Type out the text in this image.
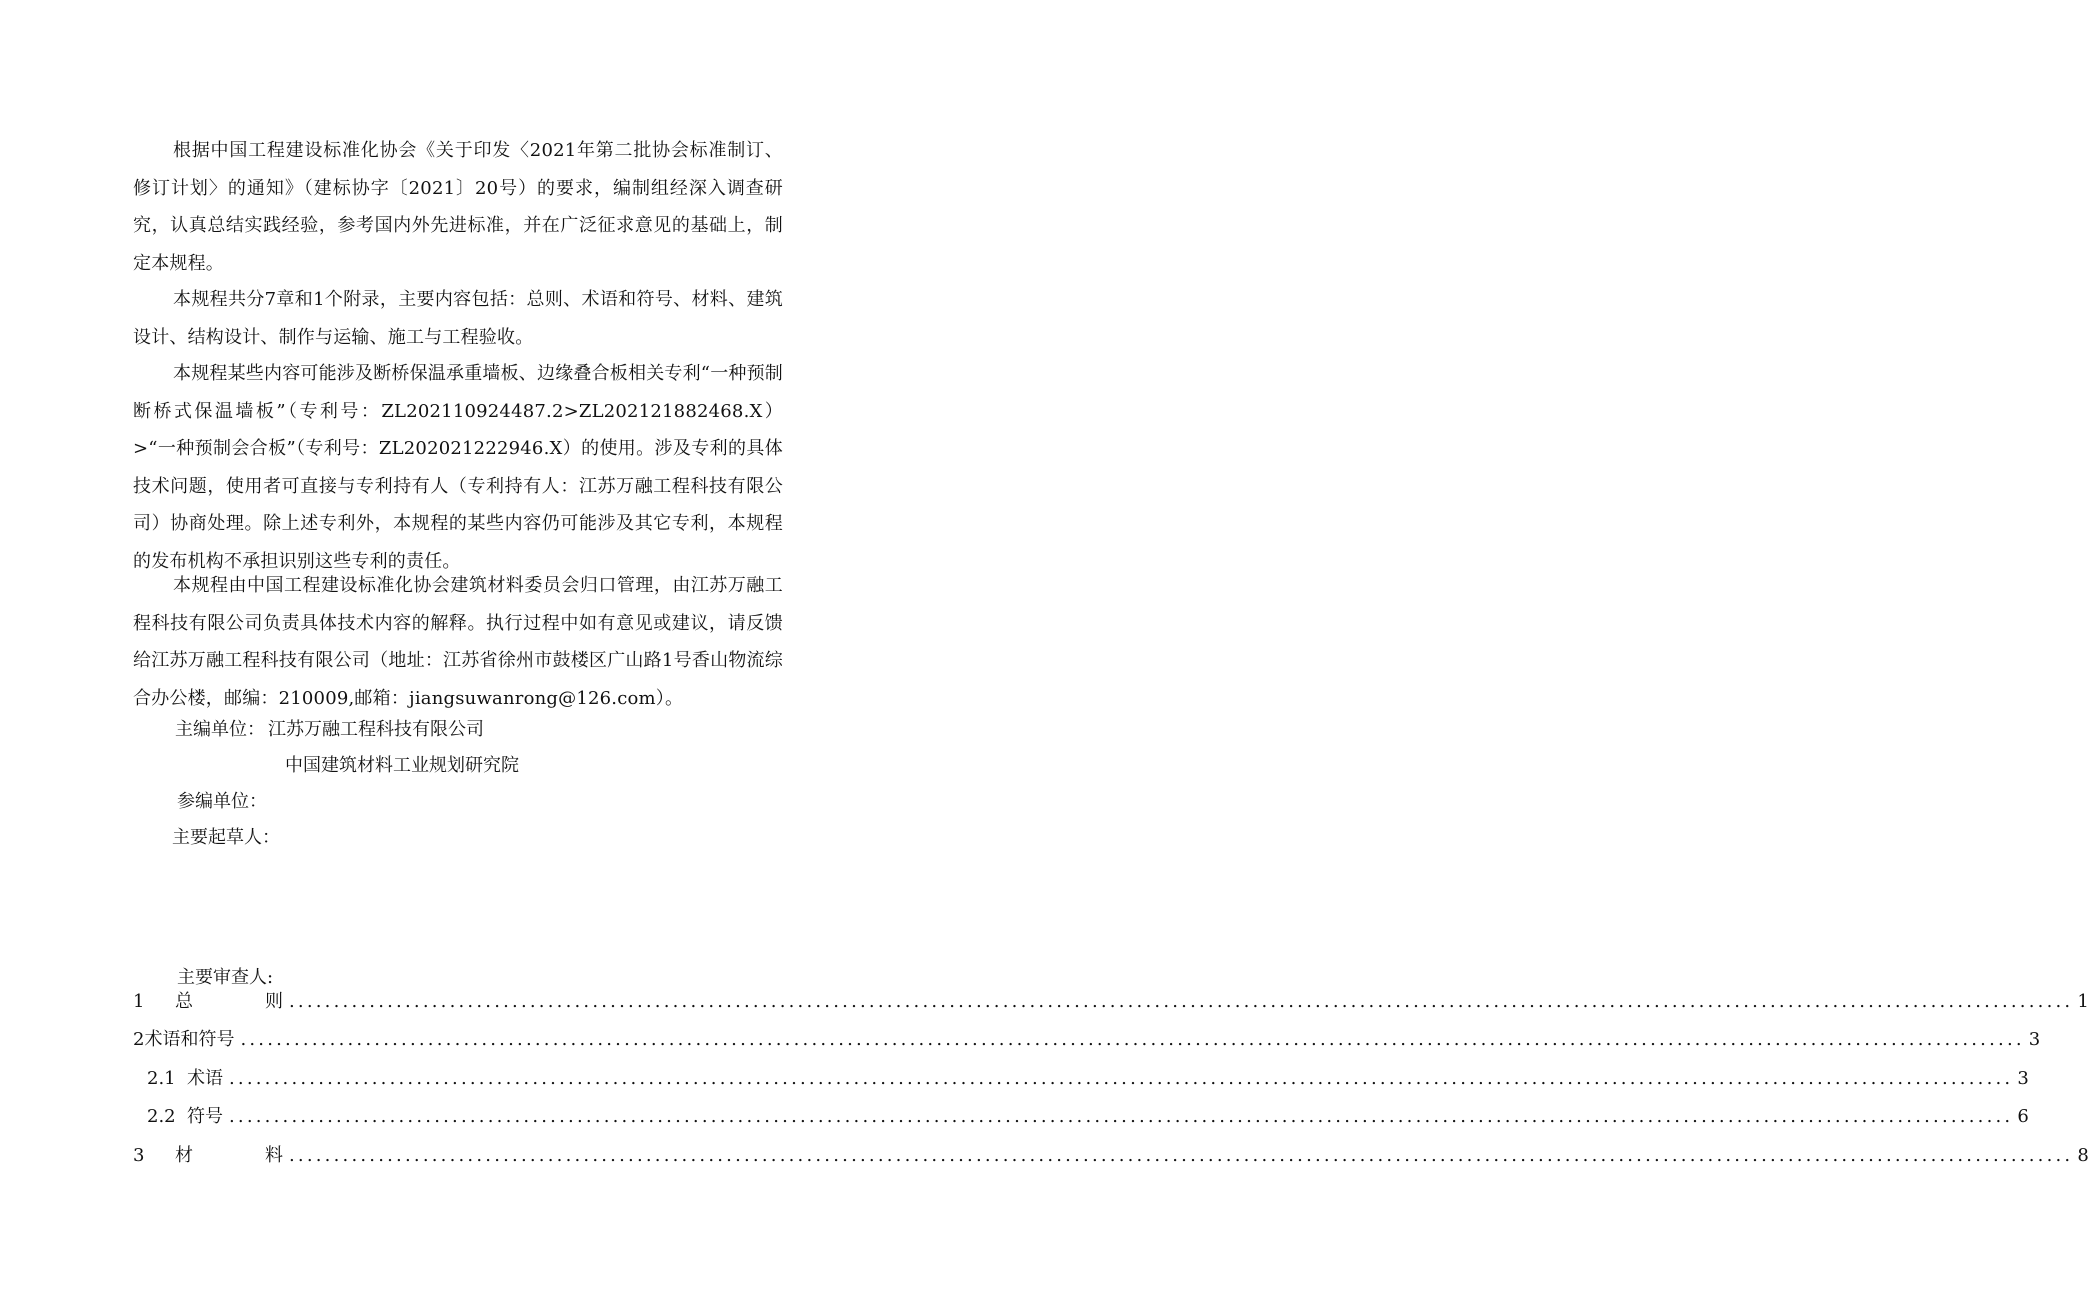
根据中国工程建设标准化协会《关于印发〈2021年第二批协会标准制订、修订计划〉的通知》（建标协字〔2021〕20号）的要求，编制组经深入调查研究，认真总结实践经验，参考国内外先进标准，并在广泛征求意见的基础上，制定本规程。

本规程共分7章和1个附录，主要内容包括：总则、术语和符号、材料、建筑设计、结构设计、制作与运输、施工与工程验收。

本规程某些内容可能涉及断桥保温承重墙板、边缘叠合板相关专利“一种预制断桥式保温墙板”（专利号：ZL202110924487.2>ZL202121882468.X）>“一种预制会合板”（专利号：ZL202021222946.X）的使用。涉及专利的具体技术问题，使用者可直接与专利持有人（专利持有人：江苏万融工程科技有限公司）协商处理。除上述专利外，本规程的某些内容仍可能涉及其它专利，本规程的发布机构不承担识别这些专利的责任。

本规程由中国工程建设标准化协会建筑材料委员会归口管理，由江苏万融工程科技有限公司负责具体技术内容的解释。执行过程中如有意见或建议，请反馈给江苏万融工程科技有限公司（地址：江苏省徐州市鼓楼区广山路1号香山物流综合办公楼，邮编：210009,邮箱：jiangsuwanrong@126.com）。

主编单位： 江苏万融工程科技有限公司
中国建筑材料工业规划研究院
参编单位：
主要起草人：
主要审查人:
1	总　　　　则 ........................................................................................................................................................................................................ 1
2 术语和符号 ........................................................................................................................................................................................................ 3
2.1 术语 ........................................................................................................................................................................................................ 3
2.2 符号 ........................................................................................................................................................................................................ 6
3	材　　　　料 ........................................................................................................................................................................................................ 8
